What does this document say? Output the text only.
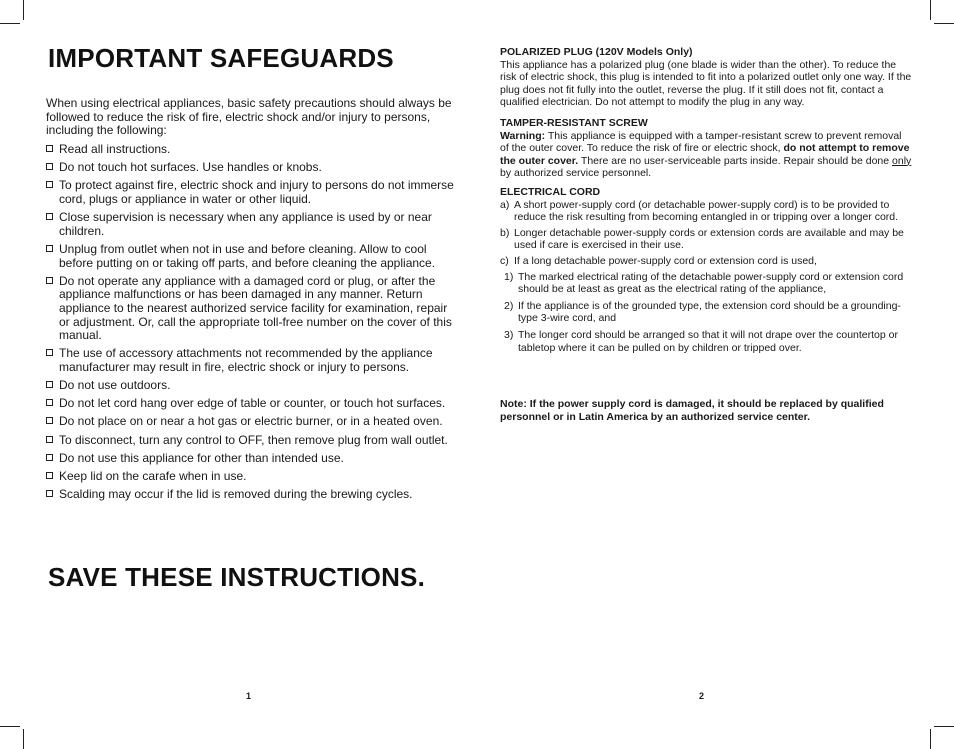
IMPORTANT SAFEGUARDS

When using electrical appliances, basic safety precautions should always be followed to reduce the risk of fire, electric shock and/or injury to persons, including the following:

Read all instructions.
Do not touch hot surfaces. Use handles or knobs.
To protect against fire, electric shock and injury to persons do not immerse cord, plugs or appliance in water or other liquid.
Close supervision is necessary when any appliance is used by or near children.
Unplug from outlet when not in use and before cleaning. Allow to cool before putting on or taking off parts, and before cleaning the appliance.
Do not operate any appliance with a damaged cord or plug, or after the appliance malfunctions or has been damaged in any manner. Return appliance to the nearest authorized service facility for examination, repair or adjustment. Or, call the appropriate toll-free number on the cover of this manual.
The use of accessory attachments not recommended by the appliance manufacturer may result in fire, electric shock or injury to persons.
Do not use outdoors.
Do not let cord hang over edge of table or counter, or touch hot surfaces.
Do not place on or near a hot gas or electric burner, or in a heated oven.
To disconnect, turn any control to OFF, then remove plug from wall outlet.
Do not use this appliance for other than intended use.
Keep lid on the carafe when in use.
Scalding may occur if the lid is removed during the brewing cycles.
SAVE THESE INSTRUCTIONS.
1

POLARIZED PLUG (120V Models Only)

This appliance has a polarized plug (one blade is wider than the other). To reduce the risk of electric shock, this plug is intended to fit into a polarized outlet only one way. If the plug does not fit fully into the outlet, reverse the plug. If it still does not fit, contact a qualified electrician. Do not attempt to modify the plug in any way.

TAMPER-RESISTANT SCREW

Warning: This appliance is equipped with a tamper-resistant screw to prevent removal of the outer cover. To reduce the risk of fire or electric shock, do not attempt to remove the outer cover. There are no user-serviceable parts inside. Repair should be done only by authorized service personnel.

ELECTRICAL CORD

a) A short power-supply cord (or detachable power-supply cord) is to be provided to reduce the risk resulting from becoming entangled in or tripping over a longer cord.
b) Longer detachable power-supply cords or extension cords are available and may be used if care is exercised in their use.
c) If a long detachable power-supply cord or extension cord is used,
1) The marked electrical rating of the detachable power-supply cord or extension cord should be at least as great as the electrical rating of the appliance,
2) If the appliance is of the grounded type, the extension cord should be a grounding-type 3-wire cord, and
3) The longer cord should be arranged so that it will not drape over the countertop or tabletop where it can be pulled on by children or tripped over.
Note: If the power supply cord is damaged, it should be replaced by qualified personnel or in Latin America by an authorized service center.
2
